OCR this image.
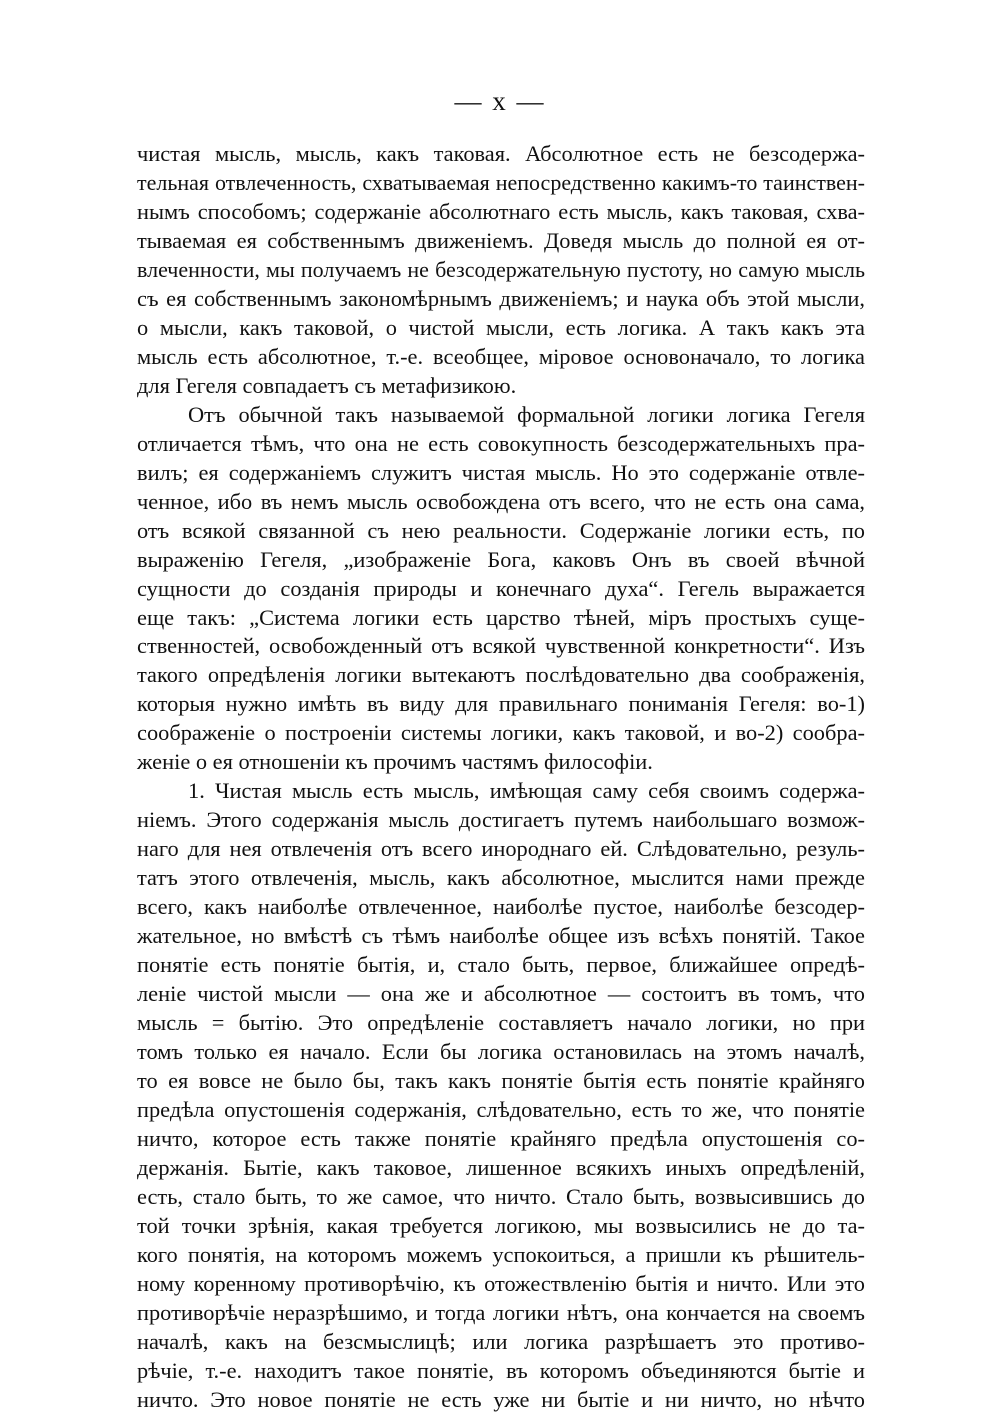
— x —
чистая мысль, мысль, какъ таковая. Абсолютное есть не безсодержа-
тельная отвлеченность, схватываемая непосредственно какимъ-то таинствен-
нымъ способомъ; содержаніе абсолютнаго есть мысль, какъ таковая, схва-
тываемая ея собственнымъ движеніемъ. Доведя мысль до полной ея от-
влеченности, мы получаемъ не безсодержательную пустоту, но самую мысль
съ ея собственнымъ закономѣрнымъ движеніемъ; и наука объ этой мысли,
о мысли, какъ таковой, о чистой мысли, есть логика. А такъ какъ эта
мысль есть абсолютное, т.-е. всеобщее, міровое основоначало, то логика
для Гегеля совпадаетъ съ метафизикою.
Отъ обычной такъ называемой формальной логики логика Гегеля
отличается тѣмъ, что она не есть совокупность безсодержательныхъ пра-
вилъ; ея содержаніемъ служитъ чистая мысль. Но это содержаніе отвле-
ченное, ибо въ немъ мысль освобождена отъ всего, что не есть она сама,
отъ всякой связанной съ нею реальности. Содержаніе логики есть, по
выраженію Гегеля, „изображеніе Бога, каковъ Онъ въ своей вѣчной
сущности до созданія природы и конечнаго духа“. Гегель выражается
еще такъ: „Система логики есть царство тѣней, міръ простыхъ суще-
ственностей, освобожденный отъ всякой чувственной конкретности“. Изъ
такого опредѣленія логики вытекаютъ послѣдовательно два соображенія,
которыя нужно имѣть въ виду для правильнаго пониманія Гегеля: во-1)
соображеніе о построеніи системы логики, какъ таковой, и во-2) сообра-
женіе о ея отношеніи къ прочимъ частямъ философіи.
1. Чистая мысль есть мысль, имѣющая саму себя своимъ содержа-
ніемъ. Этого содержанія мысль достигаетъ путемъ наибольшаго возмож-
наго для нея отвлеченія отъ всего инороднаго ей. Слѣдовательно, резуль-
татъ этого отвлеченія, мысль, какъ абсолютное, мыслится нами прежде
всего, какъ наиболѣе отвлеченное, наиболѣе пустое, наиболѣе безсодер-
жательное, но вмѣстѣ съ тѣмъ наиболѣе общее изъ всѣхъ понятій. Такое
понятіе есть понятіе бытія, и, стало быть, первое, ближайшее опредѣ-
леніе чистой мысли — она же и абсолютное — состоитъ въ томъ, что
мысль = бытію. Это опредѣленіе составляетъ начало логики, но при
томъ только ея начало. Если бы логика остановилась на этомъ началѣ,
то ея вовсе не было бы, такъ какъ понятіе бытія есть понятіе крайняго
предѣла опустошенія содержанія, слѣдовательно, есть то же, что понятіе
ничто, которое есть также понятіе крайняго предѣла опустошенія со-
держанія. Бытіе, какъ таковое, лишенное всякихъ иныхъ опредѣленій,
есть, стало быть, то же самое, что ничто. Стало быть, возвысившись до
той точки зрѣнія, какая требуется логикою, мы возвысились не до та-
кого понятія, на которомъ можемъ успокоиться, а пришли къ рѣшитель-
ному коренному противорѣчію, къ отожествленію бытія и ничто. Или это
противорѣчіе неразрѣшимо, и тогда логики нѣтъ, она кончается на своемъ
началѣ, какъ на безсмыслицѣ; или логика разрѣшаетъ это противо-
рѣчіе, т.-е. находитъ такое понятіе, въ которомъ объединяются бытіе и
ничто. Это новое понятіе не есть уже ни бытіе и ни ничто, но нѣчто
